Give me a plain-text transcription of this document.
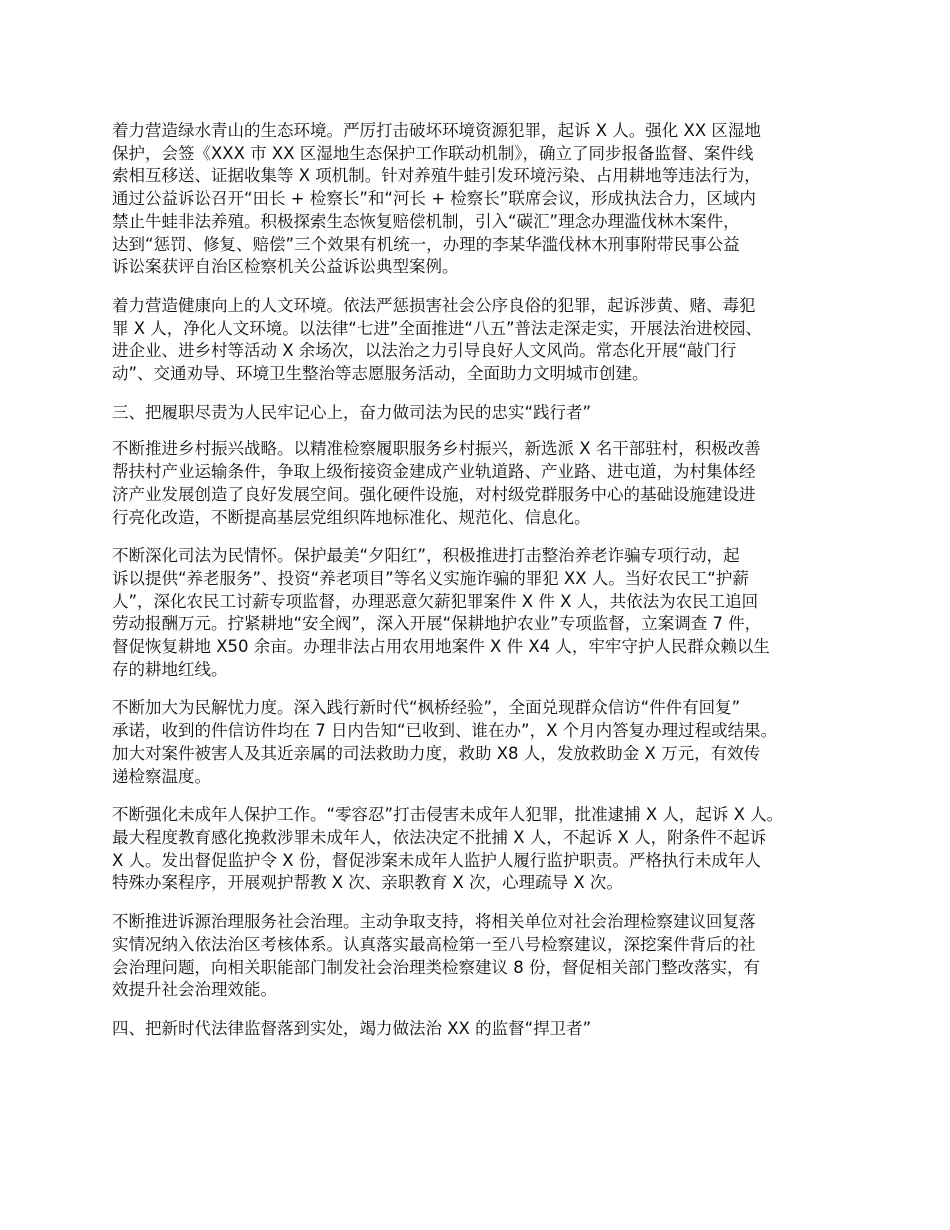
着力营造绿水青山的生态环境。严厉打击破坏环境资源犯罪，起诉 X 人。强化 XX 区湿地
保护，会签《XXX 市 XX 区湿地生态保护工作联动机制》，确立了同步报备监督、案件线
索相互移送、证据收集等 X 项机制。针对养殖牛蛙引发环境污染、占用耕地等违法行为，
通过公益诉讼召开“田长 + 检察长”和“河长 + 检察长”联席会议，形成执法合力，区域内
禁止牛蛙非法养殖。积极探索生态恢复赔偿机制，引入“碳汇”理念办理滥伐林木案件，
达到“惩罚、修复、赔偿”三个效果有机统一，办理的李某华滥伐林木刑事附带民事公益
诉讼案获评自治区检察机关公益诉讼典型案例。
着力营造健康向上的人文环境。依法严惩损害社会公序良俗的犯罪，起诉涉黄、赌、毒犯
罪 X 人，净化人文环境。以法律“七进”全面推进“八五”普法走深走实，开展法治进校园、
进企业、进乡村等活动 X 余场次，以法治之力引导良好人文风尚。常态化开展“敲门行
动”、交通劝导、环境卫生整治等志愿服务活动，全面助力文明城市创建。
三、把履职尽责为人民牢记心上，奋力做司法为民的忠实“践行者”
不断推进乡村振兴战略。以精准检察履职服务乡村振兴，新选派 X 名干部驻村，积极改善
帮扶村产业运输条件，争取上级衔接资金建成产业轨道路、产业路、进屯道，为村集体经
济产业发展创造了良好发展空间。强化硬件设施，对村级党群服务中心的基础设施建设进
行亮化改造，不断提高基层党组织阵地标准化、规范化、信息化。
不断深化司法为民情怀。保护最美“夕阳红”，积极推进打击整治养老诈骗专项行动，起
诉以提供“养老服务”、投资“养老项目”等名义实施诈骗的罪犯 XX 人。当好农民工“护薪
人”，深化农民工讨薪专项监督，办理恶意欠薪犯罪案件 X 件 X 人，共依法为农民工追回
劳动报酬万元。拧紧耕地“安全阀”，深入开展“保耕地护农业”专项监督，立案调查 7 件，
督促恢复耕地 X50 余亩。办理非法占用农用地案件 X 件 X4 人，牢牢守护人民群众赖以生
存的耕地红线。
不断加大为民解忧力度。深入践行新时代“枫桥经验”，全面兑现群众信访“件件有回复”
承诺，收到的件信访件均在 7 日内告知“已收到、谁在办”，X 个月内答复办理过程或结果。
加大对案件被害人及其近亲属的司法救助力度，救助 X8 人，发放救助金 X 万元，有效传
递检察温度。
不断强化未成年人保护工作。“零容忍”打击侵害未成年人犯罪，批准逮捕 X 人，起诉 X 人。
最大程度教育感化挽救涉罪未成年人，依法决定不批捕 X 人，不起诉 X 人，附条件不起诉
X 人。发出督促监护令 X 份，督促涉案未成年人监护人履行监护职责。严格执行未成年人
特殊办案程序，开展观护帮教 X 次、亲职教育 X 次，心理疏导 X 次。
不断推进诉源治理服务社会治理。主动争取支持，将相关单位对社会治理检察建议回复落
实情况纳入依法治区考核体系。认真落实最高检第一至八号检察建议，深挖案件背后的社
会治理问题，向相关职能部门制发社会治理类检察建议 8 份，督促相关部门整改落实，有
效提升社会治理效能。
四、把新时代法律监督落到实处，竭力做法治 XX 的监督“捍卫者”
